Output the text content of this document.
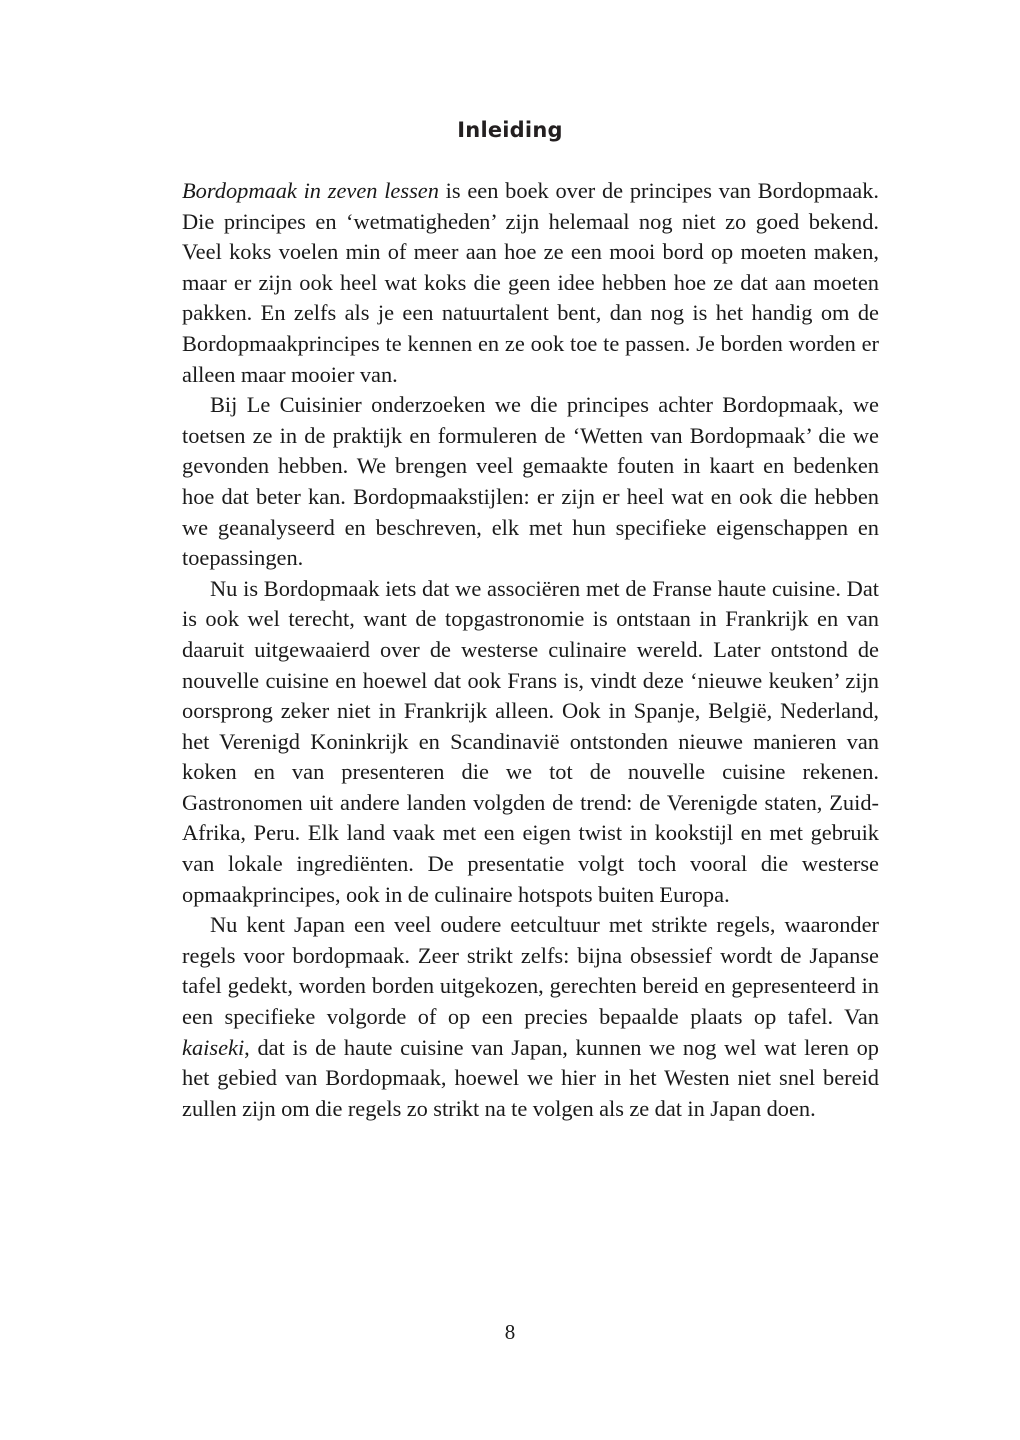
Inleiding

Bordopmaak in zeven lessen is een boek over de principes van Bordopmaak. Die principes en ‘wetmatigheden’ zijn helemaal nog niet zo goed bekend. Veel koks voelen min of meer aan hoe ze een mooi bord op moeten maken, maar er zijn ook heel wat koks die geen idee hebben hoe ze dat aan moeten pakken. En zelfs als je een natuurtalent bent, dan nog is het handig om de Bordopmaakprincipes te kennen en ze ook toe te passen. Je borden worden er alleen maar mooier van.

Bij Le Cuisinier onderzoeken we die principes achter Bordopmaak, we toetsen ze in de praktijk en formuleren de ‘Wetten van Bordopmaak’ die we gevonden hebben. We brengen veel gemaakte fouten in kaart en bedenken hoe dat beter kan. Bordopmaakstijlen: er zijn er heel wat en ook die hebben we geanalyseerd en beschreven, elk met hun specifieke eigenschappen en toepassingen.

Nu is Bordopmaak iets dat we associëren met de Franse haute cuisine. Dat is ook wel terecht, want de topgastronomie is ontstaan in Frankrijk en van daaruit uitgewaaierd over de westerse culinaire wereld. Later ontstond de nouvelle cuisine en hoewel dat ook Frans is, vindt deze ‘nieuwe keuken’ zijn oorsprong zeker niet in Frankrijk alleen. Ook in Spanje, België, Nederland, het Verenigd Koninkrijk en Scandinavië ontstonden nieuwe manieren van koken en van presenteren die we tot de nouvelle cuisine rekenen. Gastronomen uit andere landen volgden de trend: de Verenigde staten, Zuid-Afrika, Peru. Elk land vaak met een eigen twist in kookstijl en met gebruik van lokale ingrediënten. De presentatie volgt toch vooral die westerse opmaakprincipes, ook in de culinaire hotspots buiten Europa.

Nu kent Japan een veel oudere eetcultuur met strikte regels, waaronder regels voor bordopmaak. Zeer strikt zelfs: bijna obsessief wordt de Japanse tafel gedekt, worden borden uitgekozen, gerechten bereid en gepresenteerd in een specifieke volgorde of op een precies bepaalde plaats op tafel. Van kaiseki, dat is de haute cuisine van Japan, kunnen we nog wel wat leren op het gebied van Bordopmaak, hoewel we hier in het Westen niet snel bereid zullen zijn om die regels zo strikt na te volgen als ze dat in Japan doen.

8
